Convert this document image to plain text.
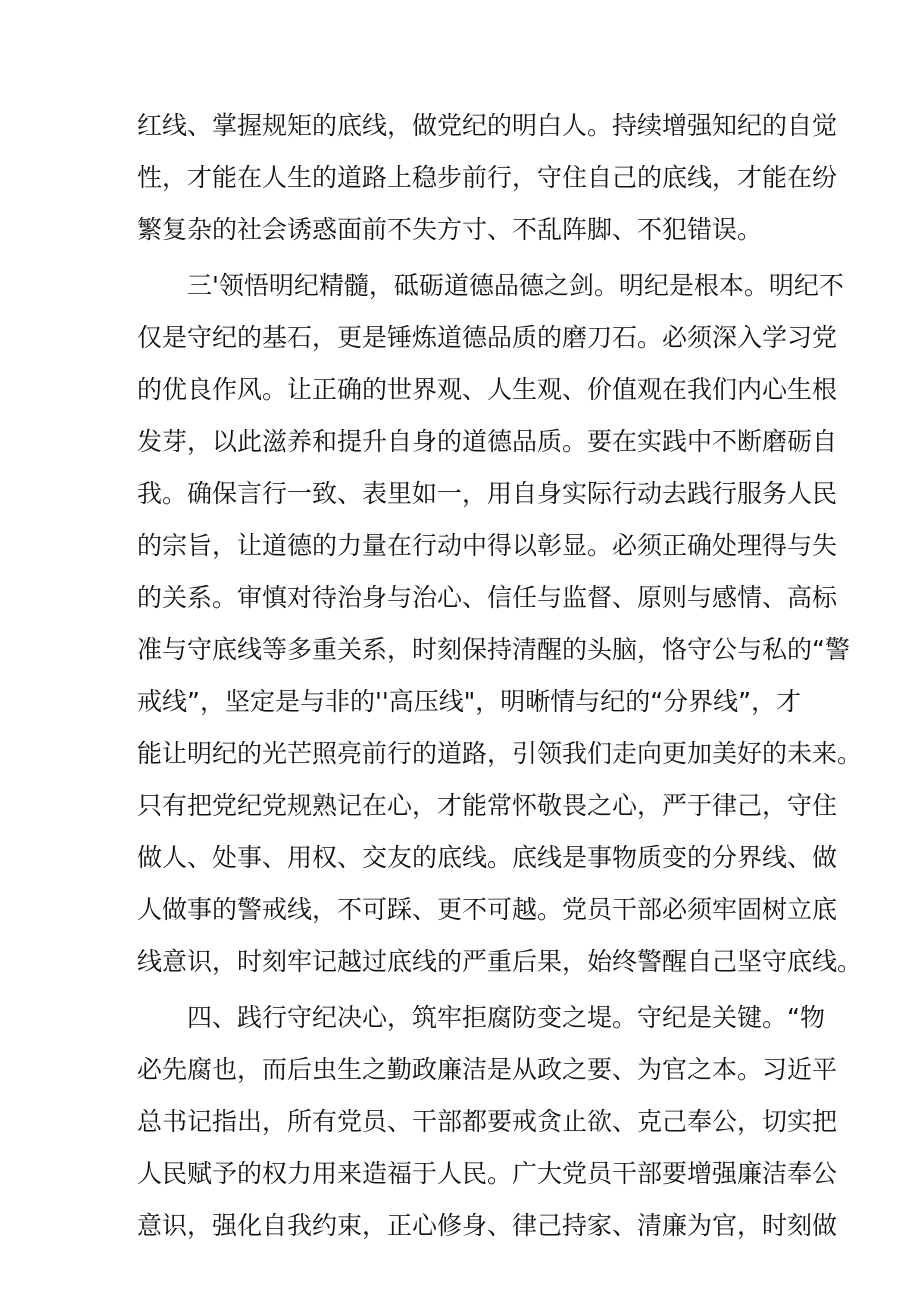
红线、掌握规矩的底线，做党纪的明白人。持续增强知纪的自觉
性，才能在人生的道路上稳步前行，守住自己的底线，才能在纷
繁复杂的社会诱惑面前不失方寸、不乱阵脚、不犯错误。
三'领悟明纪精髓，砥砺道德品德之剑。明纪是根本。明纪不
仅是守纪的基石，更是锤炼道德品质的磨刀石。必须深入学习党
的优良作风。让正确的世界观、人生观、价值观在我们内心生根
发芽，以此滋养和提升自身的道德品质。要在实践中不断磨砺自
我。确保言行一致、表里如一，用自身实际行动去践行服务人民
的宗旨，让道德的力量在行动中得以彰显。必须正确处理得与失
的关系。审慎对待治身与治心、信任与监督、原则与感情、高标
准与守底线等多重关系，时刻保持清醒的头脑，恪守公与私的“警
戒线”，坚定是与非的''高压线"，明晰情与纪的“分界线”，才
能让明纪的光芒照亮前行的道路，引领我们走向更加美好的未来。
只有把党纪党规熟记在心，才能常怀敬畏之心，严于律己，守住
做人、处事、用权、交友的底线。底线是事物质变的分界线、做
人做事的警戒线，不可踩、更不可越。党员干部必须牢固树立底
线意识，时刻牢记越过底线的严重后果，始终警醒自己坚守底线。
四、践行守纪决心，筑牢拒腐防变之堤。守纪是关键。“物
必先腐也，而后虫生之勤政廉洁是从政之要、为官之本。习近平
总书记指出，所有党员、干部都要戒贪止欲、克己奉公，切实把
人民赋予的权力用来造福于人民。广大党员干部要增强廉洁奉公
意识，强化自我约束，正心修身、律己持家、清廉为官，时刻做
